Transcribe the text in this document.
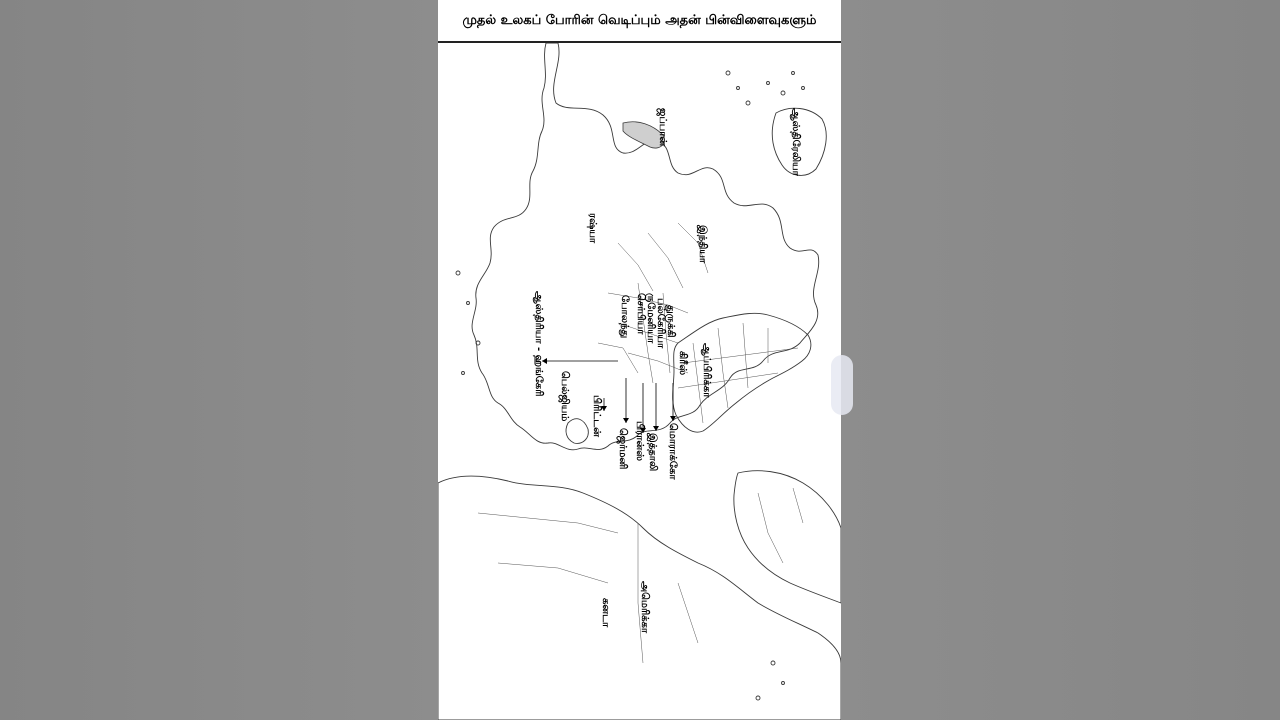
முதல் உலகப் போரின் வெடிப்பும் அதன் பின்விளைவுகளும்
ரஷ்யா
ஜப்பான்	ஆஸ்திரேலியா
இந்தியா
ஆஸ்திரியா - ஹங்கேரி பெல்ஜியம் பிரிட்டன்
ஜெர்மனி பிரான்ஸ் இத்தாலி மொராக்கோ
கிரீஸ் ஆப்பிரிக்கா
துருக்கி
பல்கேரியா
ருமேனியா
செர்பியா
போலந்து
அமெரிக்கா
கனடா
